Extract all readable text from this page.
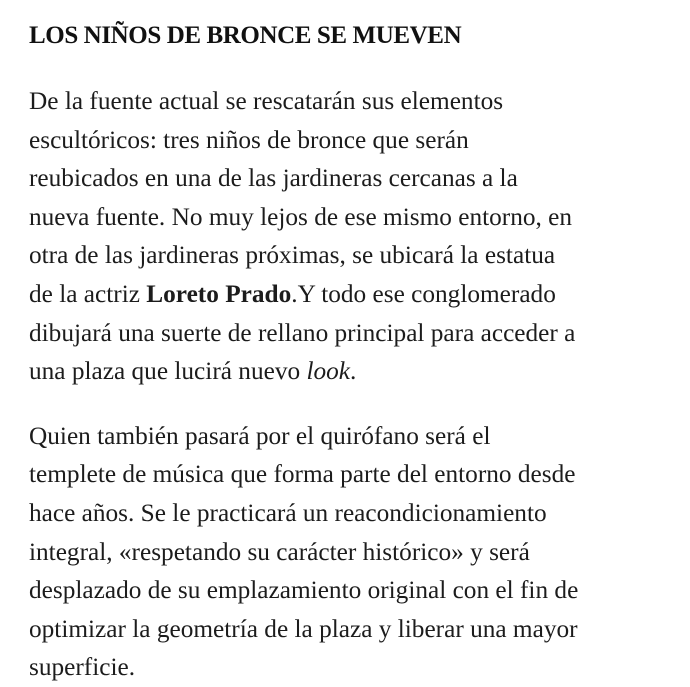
LOS NIÑOS DE BRONCE SE MUEVEN

De la fuente actual se rescatarán sus elementos
escultóricos: tres niños de bronce que serán
reubicados en una de las jardineras cercanas a la
nueva fuente. No muy lejos de ese mismo entorno, en
otra de las jardineras próximas, se ubicará la estatua
de la actriz Loreto Prado.Y todo ese conglomerado
dibujará una suerte de rellano principal para acceder a
una plaza que lucirá nuevo look.

Quien también pasará por el quirófano será el
templete de música que forma parte del entorno desde
hace años. Se le practicará un reacondicionamiento
integral, «respetando su carácter histórico» y será
desplazado de su emplazamiento original con el fin de
optimizar la geometría de la plaza y liberar una mayor
superficie.
